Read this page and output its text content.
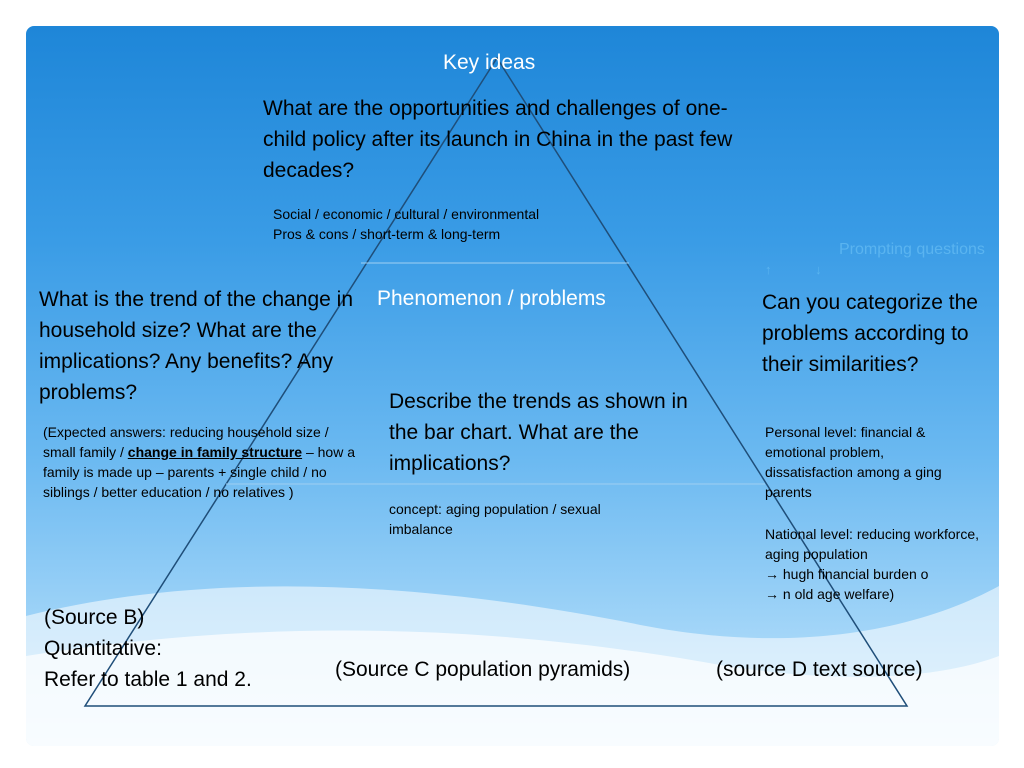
Key ideas
What are the opportunities and challenges of one-child policy after its launch in China in the past few decades?
Social / economic / cultural / environmental
Pros & cons / short-term & long-term
Prompting questions
↑ ↓
Phenomenon / problems
What is the trend of the change in household size? What are the implications? Any benefits? Any problems?
(Expected answers: reducing household size / small family / change in family structure – how a family is made up – parents + single child / no siblings / better education / no relatives )
Describe the trends as shown in the bar chart. What are the implications?
concept: aging population / sexual imbalance
Can you categorize the problems according to their similarities?
Personal level: financial & emotional problem, dissatisfaction among a ging parents
National level: reducing workforce, aging population
→ hugh financial burden o
→ n old age welfare)
(Source B)
Quantitative:
Refer to table 1 and 2.	(Source C population pyramids)	(source D text source)
